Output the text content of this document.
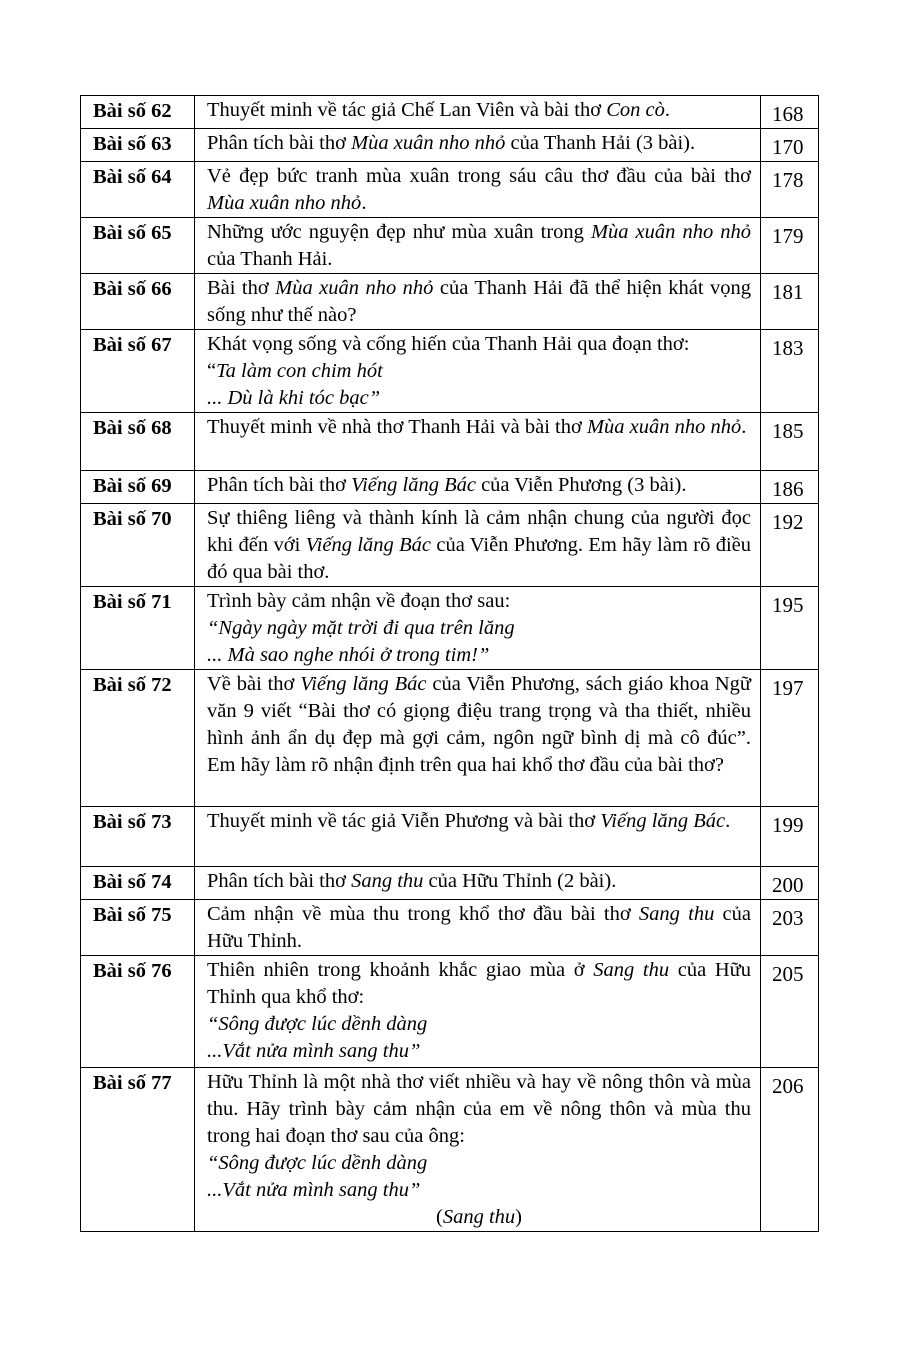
Bài số 62	Thuyết minh về tác giả Chế Lan Viên và bài thơ Con cò.	168
Bài số 63	Phân tích bài thơ Mùa xuân nho nhỏ của Thanh Hải (3 bài).	170
Bài số 64	Vẻ đẹp bức tranh mùa xuân trong sáu câu thơ đầu của bài thơ Mùa xuân nho nhỏ.	178
Bài số 65	Những ước nguyện đẹp như mùa xuân trong Mùa xuân nho nhỏ của Thanh Hải.	179
Bài số 66	Bài thơ Mùa xuân nho nhỏ của Thanh Hải đã thể hiện khát vọng sống như thế nào?	181
Bài số 67	Khát vọng sống và cống hiến của Thanh Hải qua đoạn thơ:
“Ta làm con chim hót
... Dù là khi tóc bạc”	183
Bài số 68	Thuyết minh về nhà thơ Thanh Hải và bài thơ Mùa xuân nho nhỏ.	185
Bài số 69	Phân tích bài thơ Viếng lăng Bác của Viễn Phương (3 bài).	186
Bài số 70	Sự thiêng liêng và thành kính là cảm nhận chung của người đọc khi đến với Viếng lăng Bác của Viễn Phương. Em hãy làm rõ điều đó qua bài thơ.	192
Bài số 71	Trình bày cảm nhận về đoạn thơ sau:
“Ngày ngày mặt trời đi qua trên lăng
... Mà sao nghe nhói ở trong tim!”	195
Bài số 72	Về bài thơ Viếng lăng Bác của Viễn Phương, sách giáo khoa Ngữ văn 9 viết “Bài thơ có giọng điệu trang trọng và tha thiết, nhiều hình ảnh ẩn dụ đẹp mà gợi cảm, ngôn ngữ bình dị mà cô đúc”. Em hãy làm rõ nhận định trên qua hai khổ thơ đầu của bài thơ?	197
Bài số 73	Thuyết minh về tác giả Viễn Phương và bài thơ Viếng lăng Bác.	199
Bài số 74	Phân tích bài thơ Sang thu của Hữu Thỉnh (2 bài).	200
Bài số 75	Cảm nhận về mùa thu trong khổ thơ đầu bài thơ Sang thu của Hữu Thỉnh.	203
Bài số 76	Thiên nhiên trong khoảnh khắc giao mùa ở Sang thu của Hữu Thỉnh qua khổ thơ:
“Sông được lúc dềnh dàng
...Vắt nửa mình sang thu”	205
Bài số 77	Hữu Thỉnh là một nhà thơ viết nhiều và hay về nông thôn và mùa thu. Hãy trình bày cảm nhận của em về nông thôn và mùa thu trong hai đoạn thơ sau của ông:
“Sông được lúc dềnh dàng
...Vắt nửa mình sang thu”
(Sang thu)	206
